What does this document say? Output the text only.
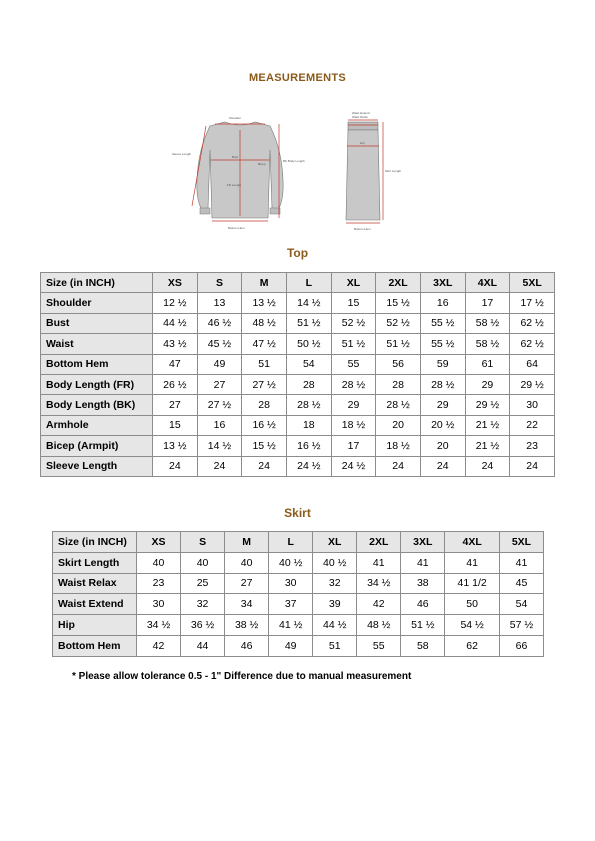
MEASUREMENTS
Shoulder
Sleeve Length
Bust
Bicep
FR Length
BK Body Length
Bottom Hem
Waist Extend
Waist Relax
Hip
Skirt Length
Bottom Hem
Top
Size (in INCH)	XS	S	M	L	XL	2XL	3XL	4XL	5XL
Shoulder	12 ½	13	13 ½	14 ½	15	15 ½	16	17	17 ½
Bust	44 ½	46 ½	48 ½	51 ½	52 ½	52 ½	55 ½	58 ½	62 ½
Waist	43 ½	45 ½	47 ½	50 ½	51 ½	51 ½	55 ½	58 ½	62 ½
Bottom Hem	47	49	51	54	55	56	59	61	64
Body Length (FR)	26 ½	27	27 ½	28	28 ½	28	28 ½	29	29 ½
Body Length (BK)	27	27 ½	28	28 ½	29	28 ½	29	29 ½	30
Armhole	15	16	16 ½	18	18 ½	20	20 ½	21 ½	22
Bicep (Armpit)	13 ½	14 ½	15 ½	16 ½	17	18 ½	20	21 ½	23
Sleeve Length	24	24	24	24 ½	24 ½	24	24	24	24
Skirt
Size (in INCH)	XS	S	M	L	XL	2XL	3XL	4XL	5XL
Skirt Length	40	40	40	40 ½	40 ½	41	41	41	41
Waist Relax	23	25	27	30	32	34 ½	38	41 1/2	45
Waist Extend	30	32	34	37	39	42	46	50	54
Hip	34 ½	36 ½	38 ½	41 ½	44 ½	48 ½	51 ½	54 ½	57 ½
Bottom Hem	42	44	46	49	51	55	58	62	66
* Please allow tolerance 0.5 - 1" Difference due to manual measurement
